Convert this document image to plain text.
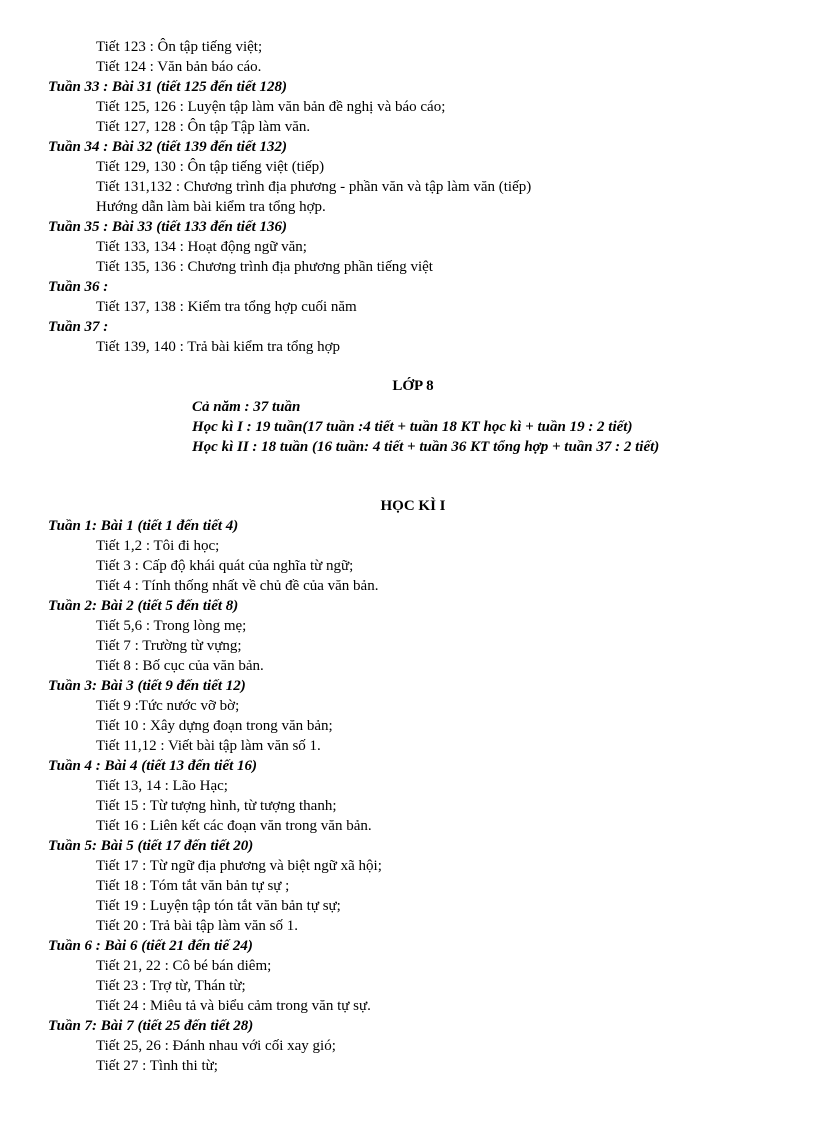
Tiết 123 : Ôn tập tiếng việt;
Tiết 124 : Văn bản báo cáo.
Tuần 33 : Bài 31 (tiết 125 đến tiết 128)
Tiết 125, 126 : Luyện tập làm văn bản đề nghị và báo cáo;
Tiết 127, 128 : Ôn tập Tập làm văn.
Tuần 34 : Bài 32 (tiết 139 đến tiết 132)
Tiết 129, 130 : Ôn tập tiếng việt (tiếp)
Tiết 131,132 : Chương trình địa phương - phần văn và tập làm văn (tiếp)
Hướng dẫn làm bài kiểm tra tổng hợp.
Tuần 35 : Bài 33 (tiết 133 đến tiết 136)
Tiết 133, 134 : Hoạt động ngữ văn;
Tiết 135, 136 : Chương trình địa phương phần tiếng việt
Tuần 36 :
Tiết 137, 138 : Kiểm tra tổng hợp cuối năm
Tuần 37 :
Tiết 139, 140 : Trả bài kiểm tra tổng hợp
LỚP 8
Cả năm : 37 tuần
Học kì I : 19 tuần(17 tuần :4 tiết + tuần 18 KT học kì + tuần 19 : 2 tiết)
Học kì II : 18 tuần (16 tuần: 4 tiết + tuần 36 KT tổng hợp + tuần 37 : 2 tiết)
HỌC KÌ I
Tuần 1: Bài 1 (tiết 1 đến tiết 4)
Tiết 1,2 : Tôi đi học;
Tiết 3 : Cấp độ khái quát của nghĩa từ ngữ;
Tiết 4 : Tính thống nhất về chủ đề của văn bản.
Tuần 2: Bài 2 (tiết 5 đến tiết 8)
Tiết 5,6 : Trong lòng mẹ;
Tiết 7 : Trường từ vựng;
Tiết 8 : Bố cục của văn bản.
Tuần 3: Bài 3 (tiết 9 đến tiết 12)
Tiết 9 :Tức nước vỡ bờ;
Tiết 10 : Xây dựng đoạn trong văn bản;
Tiết 11,12 : Viết bài tập làm văn số 1.
Tuần 4 : Bài 4 (tiết 13 đến tiết 16)
Tiết 13, 14 : Lão Hạc;
Tiết 15 : Từ tượng hình, từ tượng thanh;
Tiết 16 : Liên kết các đoạn văn trong văn bản.
Tuần 5: Bài 5 (tiết 17 đến tiết 20)
Tiết 17 : Từ ngữ địa phương và biệt ngữ xã hội;
Tiết 18 : Tóm tắt văn bản tự sự ;
Tiết 19 : Luyện tập tón tắt văn bản tự sự;
Tiết 20 : Trả bài tập làm văn số 1.
Tuần 6 : Bài 6 (tiết 21 đến tiế 24)
Tiết 21, 22 : Cô bé bán diêm;
Tiết 23 : Trợ từ, Thán từ;
Tiết 24 : Miêu tả và biểu cảm trong văn tự sự.
Tuần 7: Bài 7 (tiết 25 đến tiết 28)
Tiết 25, 26 : Đánh nhau với cối xay gió;
Tiết 27 : Tình thi từ;
